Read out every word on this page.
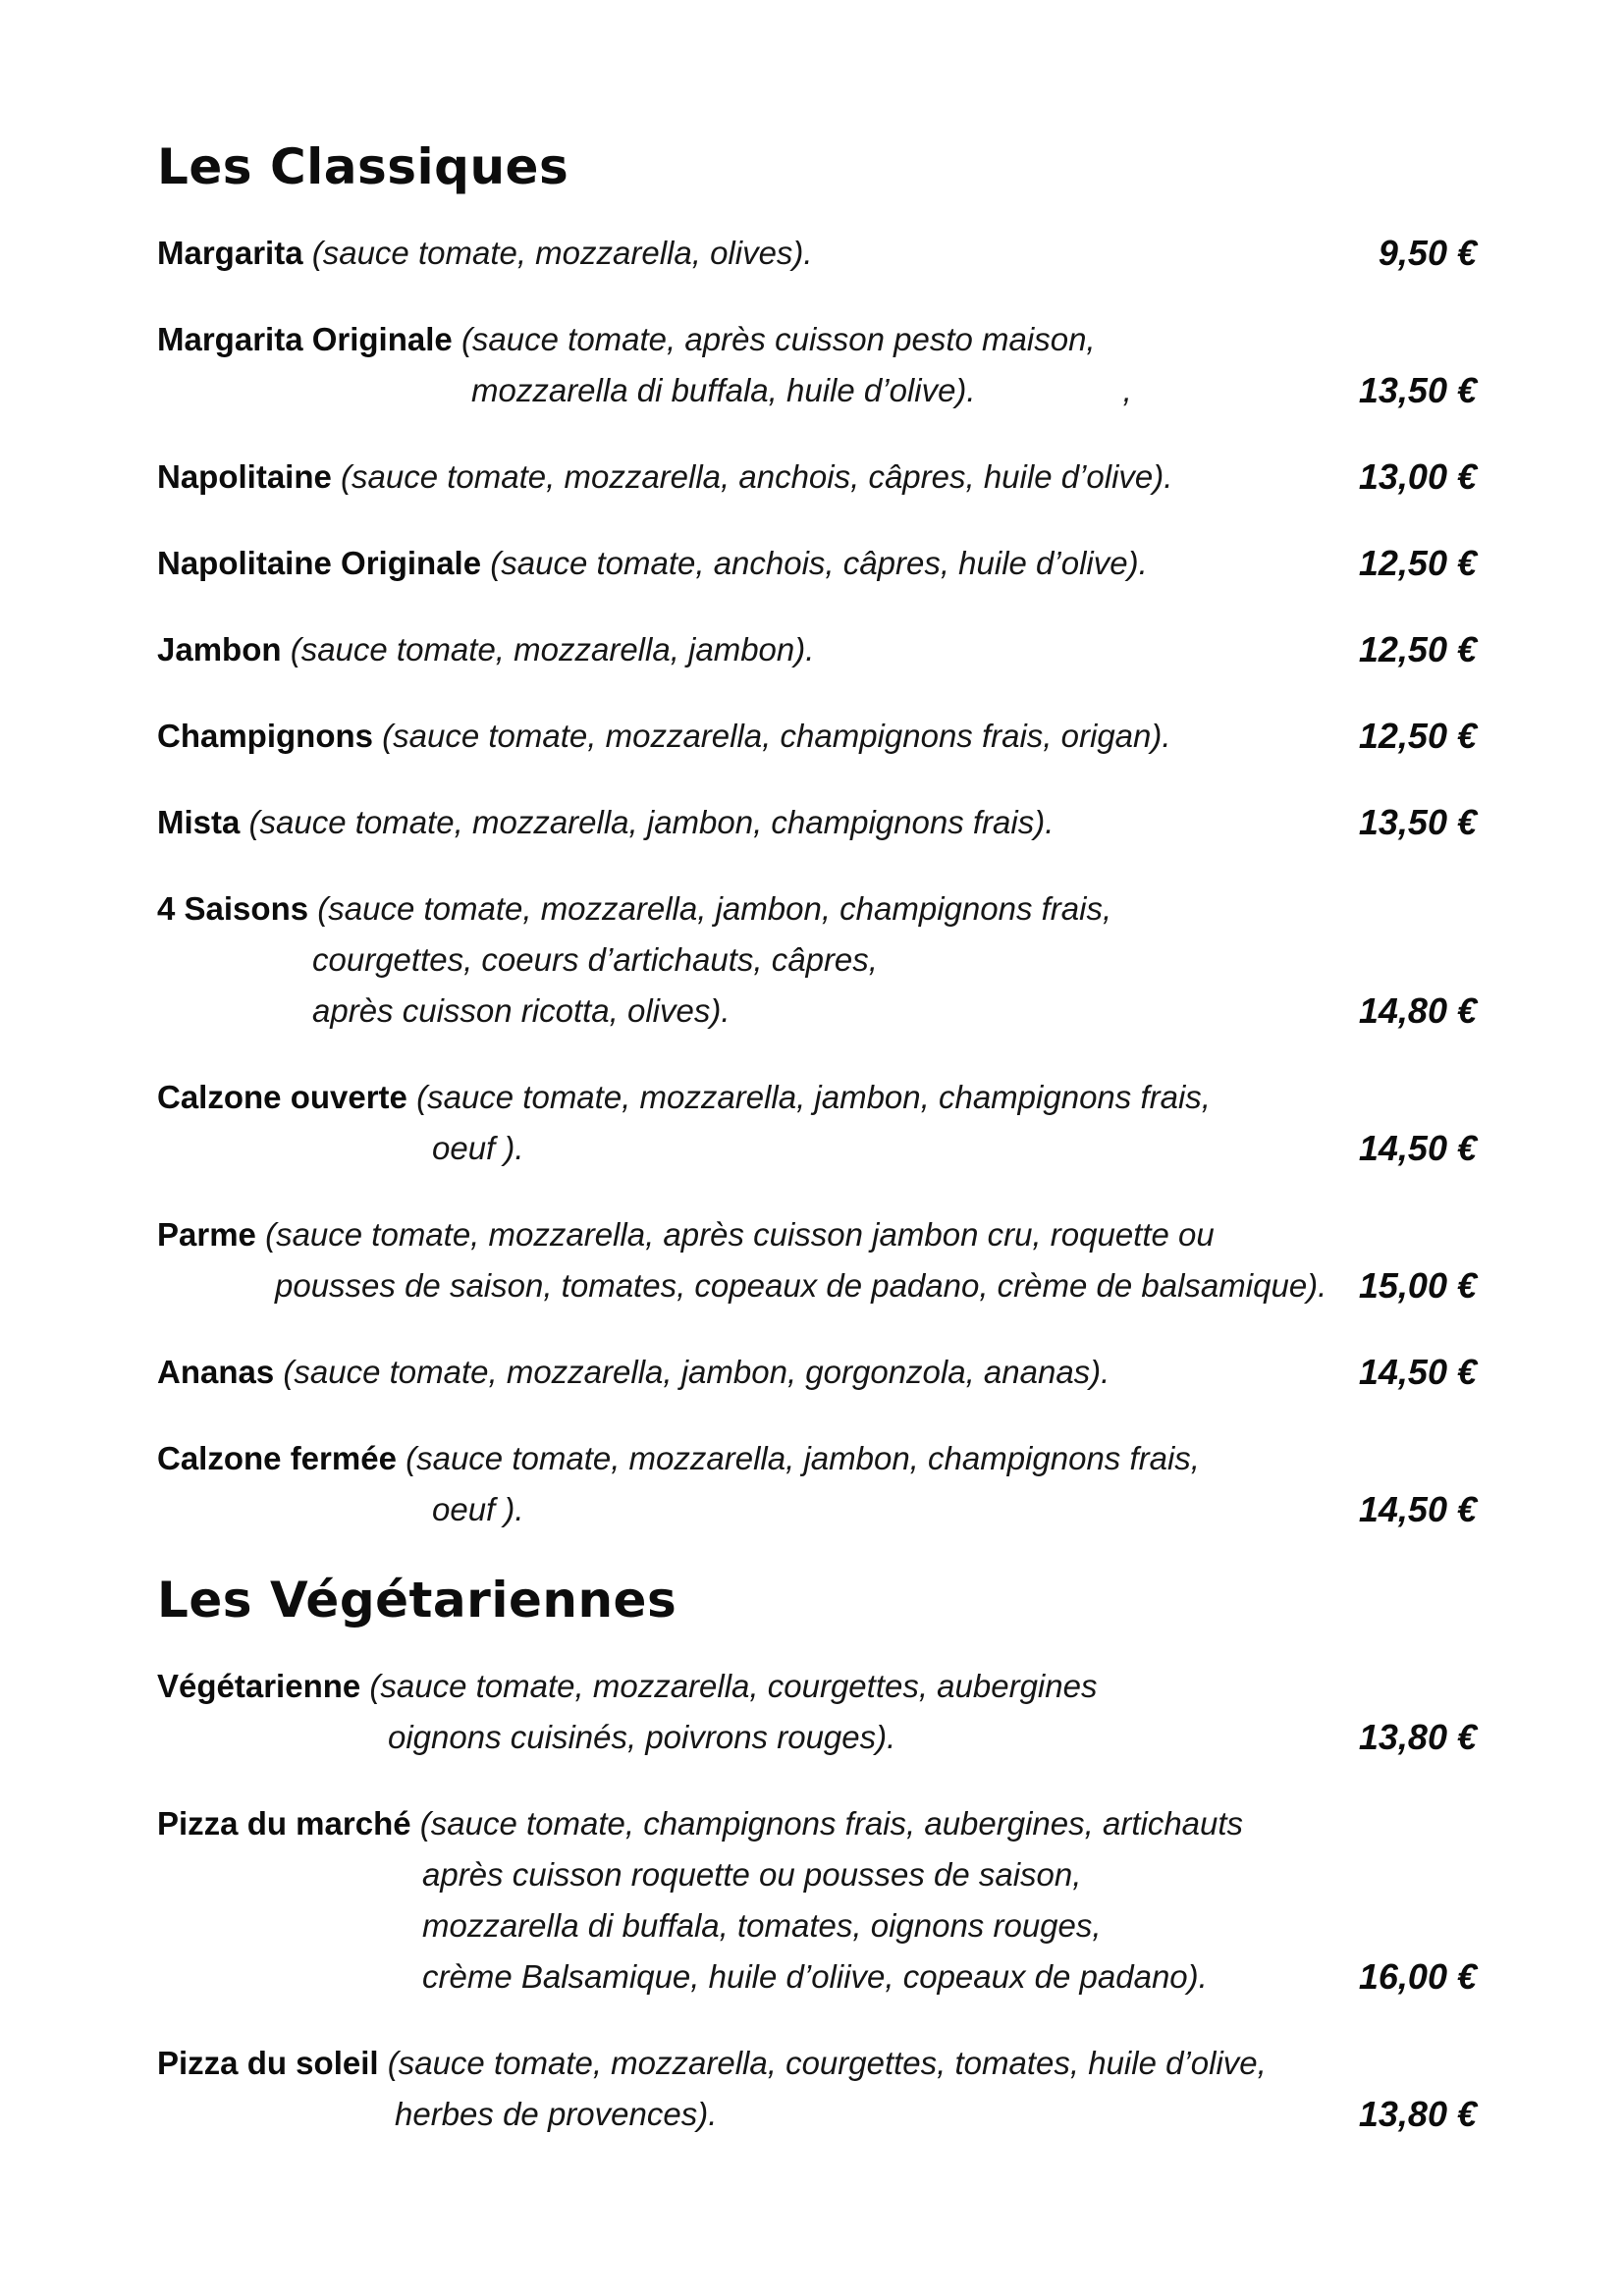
Les Classiques
Margarita (sauce tomate, mozzarella, olives).	9,50 €
Margarita Originale (sauce tomate, après cuisson pesto maison,
mozzarella di buffala, huile d’olive).	,	13,50 €
Napolitaine (sauce tomate, mozzarella, anchois, câpres, huile d’olive).	13,00 €
Napolitaine Originale (sauce tomate, anchois, câpres, huile d’olive).	12,50 €
Jambon (sauce tomate, mozzarella, jambon).	12,50 €
Champignons (sauce tomate, mozzarella, champignons frais, origan).	12,50 €
Mista (sauce tomate, mozzarella, jambon, champignons frais).	13,50 €
4 Saisons (sauce tomate, mozzarella, jambon, champignons frais,
courgettes, coeurs d’artichauts, câpres,
après cuisson ricotta, olives).	14,80 €
Calzone ouverte (sauce tomate, mozzarella, jambon, champignons frais,
oeuf ).	14,50 €
Parme (sauce tomate, mozzarella, après cuisson jambon cru, roquette ou
pousses de saison, tomates, copeaux de padano, crème de balsamique). 15,00 €
Ananas (sauce tomate, mozzarella, jambon, gorgonzola, ananas).	14,50 €
Calzone fermée (sauce tomate, mozzarella, jambon, champignons frais,
oeuf ).	14,50 €
Les Végétariennes
Végétarienne (sauce tomate, mozzarella, courgettes, aubergines
oignons cuisinés, poivrons rouges).	13,80 €
Pizza du marché (sauce tomate, champignons frais, aubergines, artichauts
après cuisson roquette ou pousses de saison,
mozzarella di buffala, tomates, oignons rouges,
crème Balsamique, huile d’oliive, copeaux de padano).	16,00 €
Pizza du soleil (sauce tomate, mozzarella, courgettes, tomates, huile d’olive,
herbes de provences).	13,80 €
